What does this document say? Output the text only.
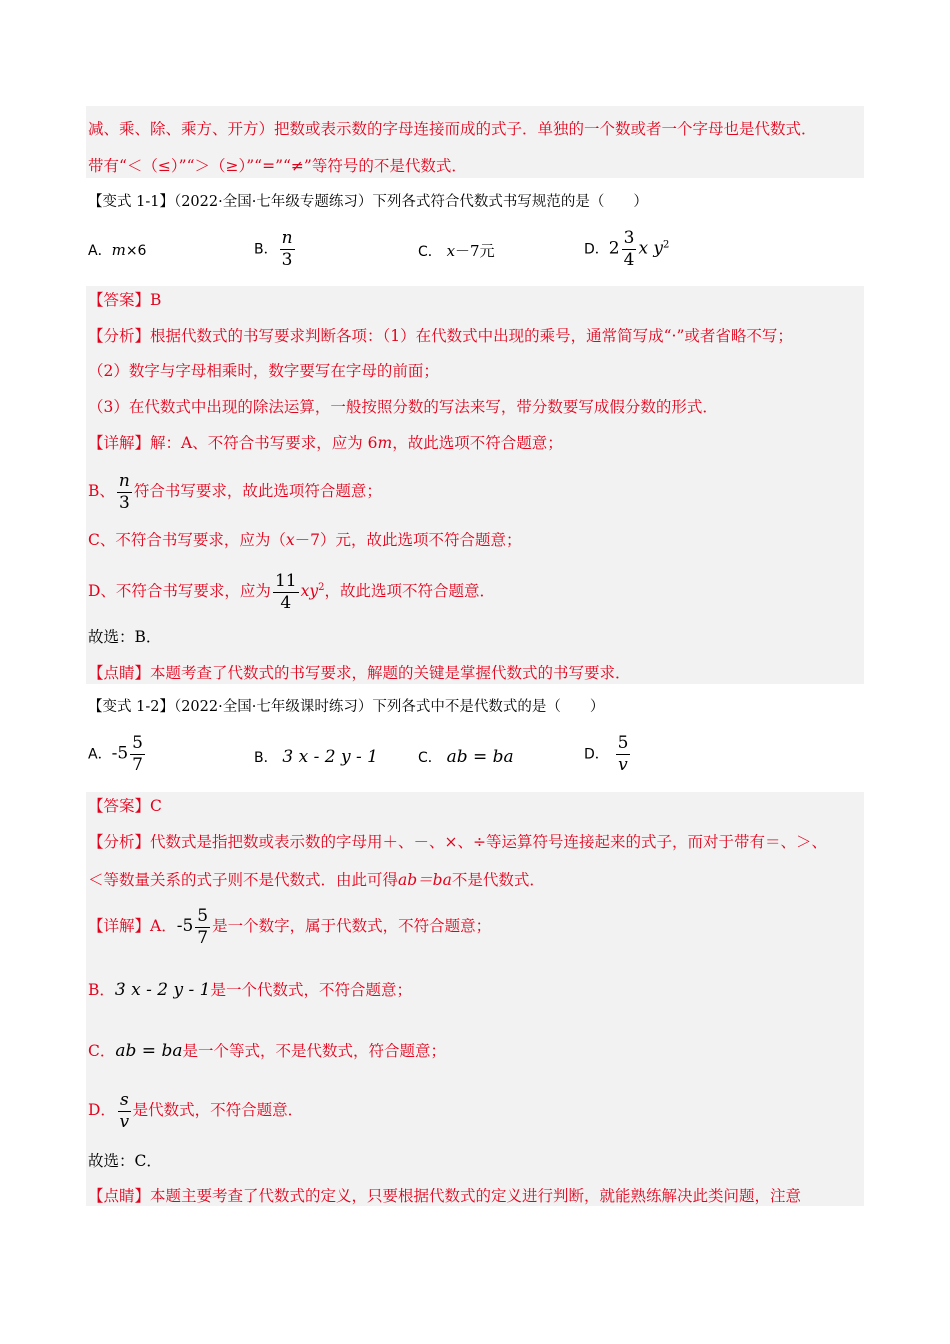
减、乘、除、乘方、开方）把数或表示数的字母连接而成的式子．单独的一个数或者一个字母也是代数式．
带有“＜（≤）”“＞（≥）”“=”“≠”等符号的不是代数式．
【变式 1-1】（2022·全国·七年级专题练习）下列各式符合代数式书写规范的是（　　）
A．m×6	B． $\frac{n}{3}$	C． x－7元	D．$2 \frac{3}{4}$ x $y^2$
【答案】B
【分析】根据代数式的书写要求判断各项：（1）在代数式中出现的乘号，通常简写成“·”或者省略不写；
（2）数字与字母相乘时，数字要写在字母的前面；
（3）在代数式中出现的除法运算，一般按照分数的写法来写，带分数要写成假分数的形式．
【详解】解：A、不符合书写要求，应为 6m，故此选项不符合题意；
B、 $\frac{n}{3}$ 符合书写要求，故此选项符合题意；
C、不符合书写要求，应为（x－7）元，故此选项不符合题意；
D、不符合书写要求，应为 $\frac{11}{4} xy^2$，故此选项不符合题意．
故选：B．
【点睛】本题考查了代数式的书写要求，解题的关键是掌握代数式的书写要求．
【变式 1-2】（2022·全国·七年级课时练习）下列各式中不是代数式的是（　　）
A．$-5 \frac{5}{7}$	B． 3 x - 2 y - 1	C． ab = ba	D． $\frac{5}{v}$
【答案】C
【分析】代数式是指把数或表示数的字母用＋、－、×、÷等运算符号连接起来的式子，而对于带有＝、＞、
＜等数量关系的式子则不是代数式．由此可得ab＝ba不是代数式．
【详解】A．$-5 \frac{5}{7}$ 是一个数字，属于代数式，不符合题意；
B．3 x - 2 y - 1是一个代数式，不符合题意；
C．ab = ba是一个等式，不是代数式，符合题意；
D． $\frac{s}{v}$ 是代数式，不符合题意．
故选：C．
【点睛】本题主要考查了代数式的定义，只要根据代数式的定义进行判断，就能熟练解决此类问题，注意
